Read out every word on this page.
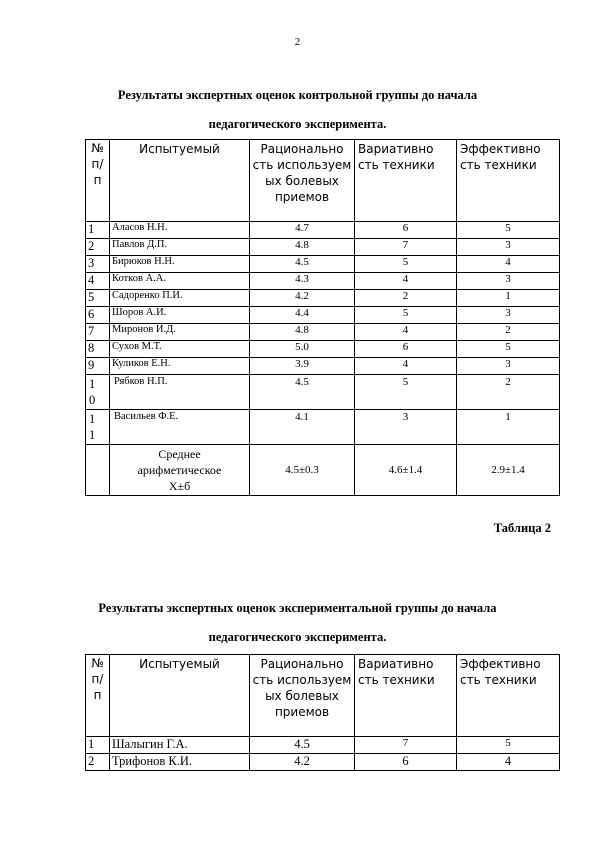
2
Результаты экспертных оценок контрольной группы до начала
педагогического эксперимента.
№
п/
п	Испытуемый	Рационально сть используем ых болевых приемов	Вариативно сть техники	Эффективно сть техники
1	Аласов Н.Н.	4.7	6	5
2	Павлов Д.П.	4.8	7	3
3	Бирюков Н.Н.	4.5	5	4
4	Котков А.А.	4.3	4	3
5	Садоренко П.И.	4.2	2	1
6	Шоров А.И.	4.4	5	3
7	Миронов И.Д.	4.8	4	2
8	Сухов М.Т.	5.0	6	5
9	Куликов Е.Н.	3.9	4	3

1
0	Рябков Н.П.	4.5	5	2

1
1	Васильев Ф.Е.	4.1	3	1

	Среднее
арифметическое
X±б	4.5±0.3	4.6±1.4	2.9±1.4
Таблица 2
Результаты экспертных оценок экспериментальной группы до начала
педагогического эксперимента.
№
п/
п	Испытуемый	Рационально сть используем ых болевых приемов	Вариативно сть техники	Эффективно сть техники
1	Шалыгин Г.А.	4.5	7	5
2	Трифонов К.И.	4.2	6	4
